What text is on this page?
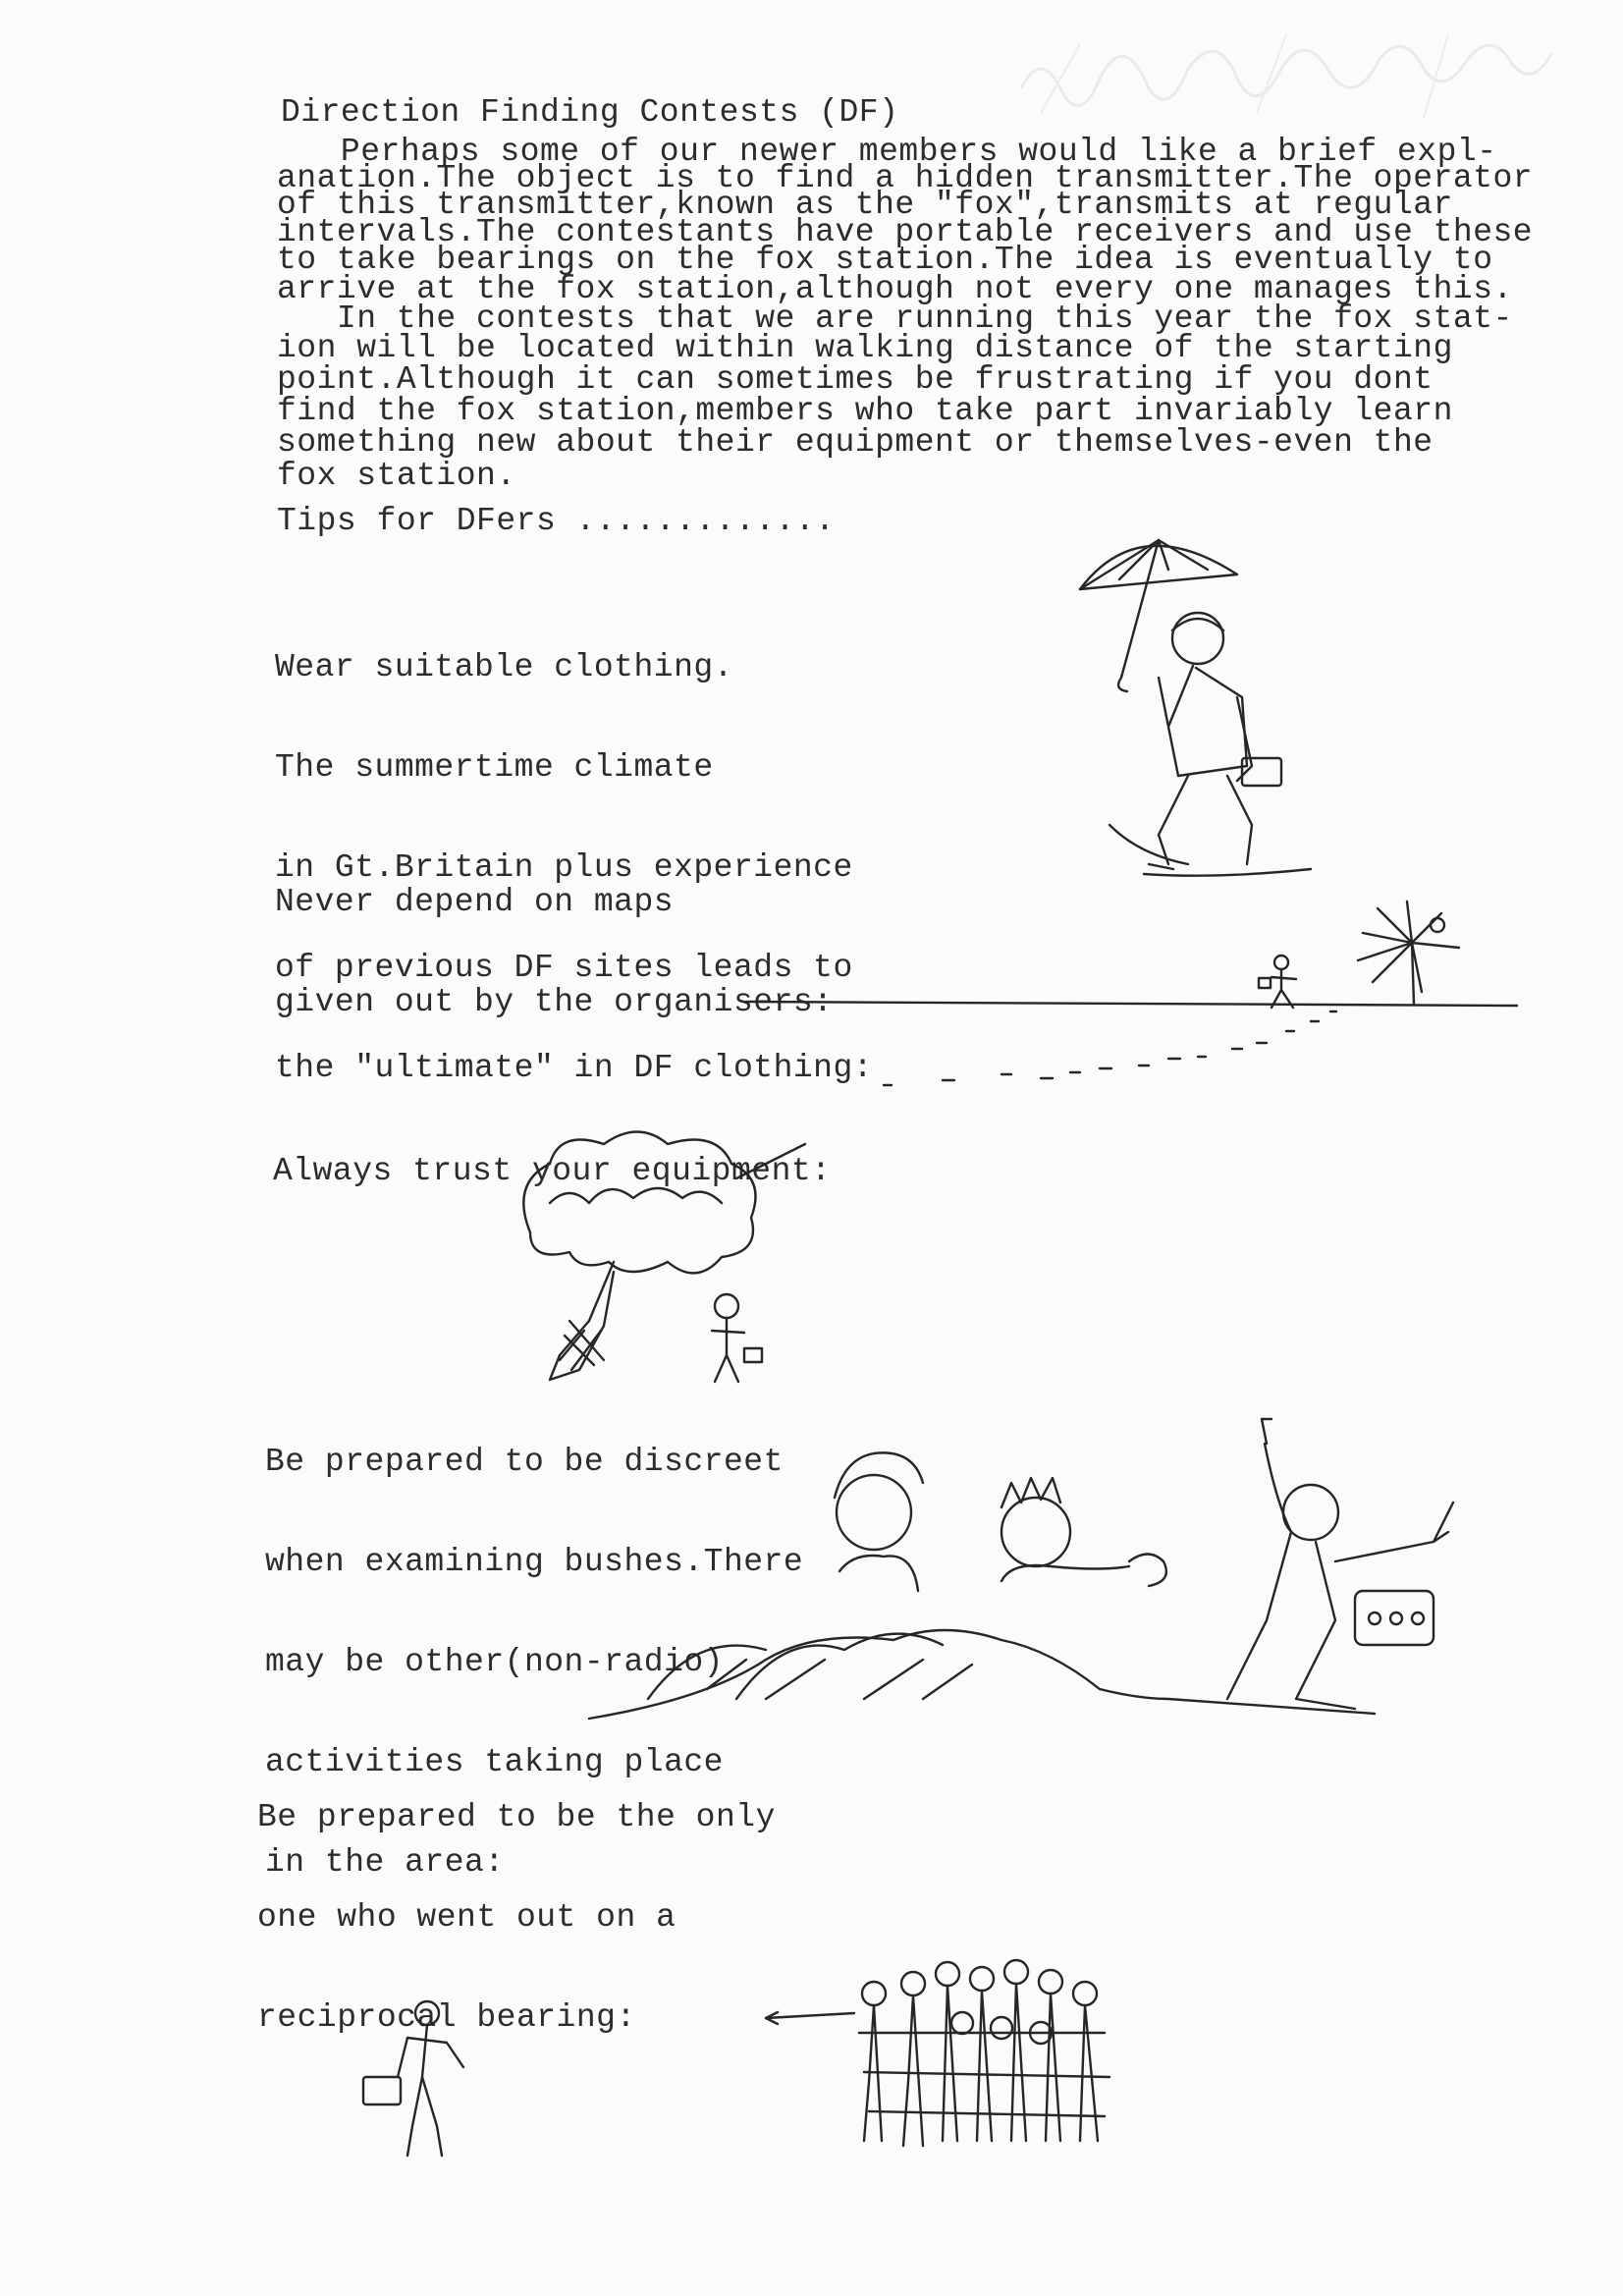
Direction Finding Contests (DF)
Perhaps some of our newer members would like a brief expl-
anation.The object is to find a hidden transmitter.The operator
of this transmitter,known as the "fox",transmits at regular
intervals.The contestants have portable receivers and use these
to take bearings on the fox station.The idea is eventually to
arrive at the fox station,although not every one manages this.
In the contests that we are running this year the fox stat-
ion will be located within walking distance of the starting
point.Although it can sometimes be frustrating if you dont
find the fox station,members who take part invariably learn
something new about their equipment or themselves-even the
fox station.
Tips for DFers .............

Wear suitable clothing.

The summertime climate

in Gt.Britain plus experience

of previous DF sites leads to

the "ultimate" in DF clothing:

Never depend on maps

given out by the organisers:

Always trust your equipment:

Be prepared to be discreet

when examining bushes.There

may be other(non-radio)

activities taking place

in the area:

Be prepared to be the only

one who went out on a

reciprocal bearing:
